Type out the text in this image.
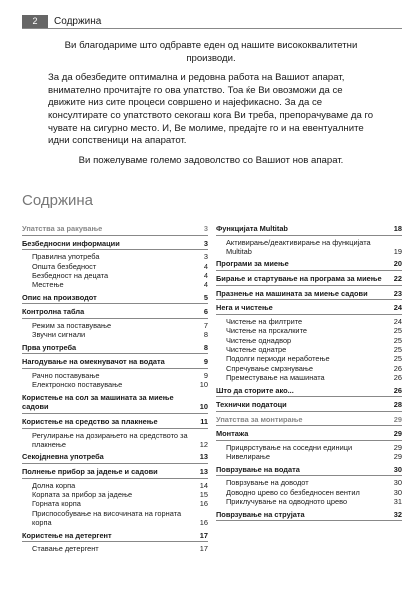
2	Содржина

Ви благодариме што одбравте еден од нашите висококвалитетни производи.

За да обезбедите оптимална и редовна работа на Вашиот апарат, внимателно прочитајте го ова упатство. Тоа ќе Ви овозможи да се движите низ сите процеси совршено и најефикасно. За да се консултирате со упатството секогаш кога Ви треба, препорачуваме да го чувате на сигурно место. И, Ве молиме, предајте го и на евентуалните идни сопственици на апаратот.

Ви пожелуваме големо задоволство со Вашиот нов апарат.

Содржина
Упатства за ракување	3
Безбедносни информации	3
Правилна употреба	3
Општа безбедност	4
Безбедност на децата	4
Местење	4
Опис на производот	5
Контролна табла	6
Режим за поставување	7
Звучни сигнали	8
Прва употреба	8
Нагодување на омекнувачот на водата	9
Рачно поставување	9
Електронско поставување	10
Користење на сол за машината за миење садови	10
Користење на средство за плакнење	11
Регулирање на дозирањето на средството за плакнење	12
Секојдневна употреба	13
Полнење прибор за јадење и садови	13
Долна корпа	14
Корпата за прибор за јадење	15
Горната корпа	16
Приспособување на височината на горната корпа	16
Користење на детергент	17
Ставање детергент	17
Функцијата Multitab	18
Активирање/деактивирање на функцијата Multitab	19
Програми за миење	20
Бирање и стартување на програма за миење	22
Празнење на машината за миење садови	23
Нега и чистење	24
Чистење на филтрите	24
Чистење на прскалките	25
Чистење однадвор	25
Чистење однатре	25
Подолги периоди неработење	25
Спречување смрзнување	26
Преместување на машината	26
Што да сторите ако...	26
Технички податоци	28
Упатства за монтирање	29
Монтажа	29
Прицврстување на соседни единици	29
Нивелирање	29
Поврзување на водата	30
Поврзување на доводот	30
Доводно црево со безбедносен вентил	30
Приклучување на одводното црево	31
Поврзување на струјата	32
